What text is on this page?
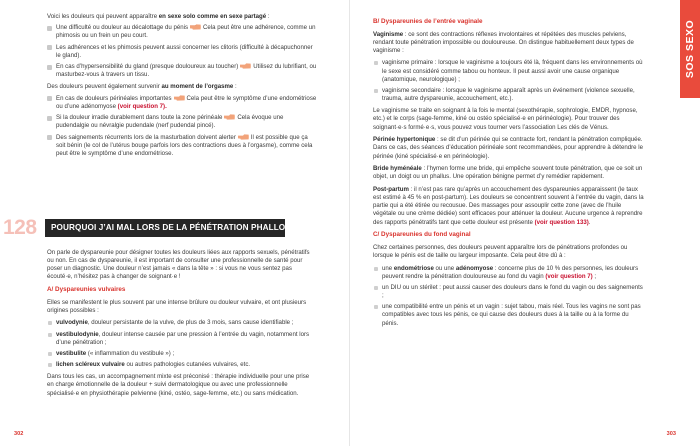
Voici les douleurs qui peuvent apparaître en sexe solo comme en sexe partagé :

Une difficulté ou douleur au décalottage du pénis Cela peut être une adhérence, comme un phimosis ou un frein un peu court.
Les adhérences et les phimosis peuvent aussi concerner les clitoris (difficulté à décapuchonner le gland).
En cas d’hypersensibilité du gland (presque douloureux au toucher) Utilisez du lubrifiant, ou masturbez-vous à travers un tissu.

Des douleurs peuvent également survenir au moment de l’orgasme :

En cas de douleurs périnéales importantes Cela peut être le symptôme d’une endométriose ou d’une adénomyose (voir question 7).
Si la douleur irradie durablement dans toute la zone périnéale Cela évoque une pudendalgie ou névralgie pudendale (nerf pudendal pincé).
Des saignements récurrents lors de la masturbation doivent alerter Il est possible que ça soit bénin (le col de l’utérus bouge parfois lors des contractions dues à l’orgasme), comme cela peut être le symptôme d’une endométriose.
128 POURQUOI J’AI MAL LORS DE LA PÉNÉTRATION PHALLO-VAGINALE ?

On parle de dyspareunie pour désigner toutes les douleurs liées aux rapports sexuels, pénétratifs ou non. En cas de dyspareunie, il est important de consulter une professionnelle de santé pour poser un diagnostic. Une douleur n’est jamais « dans la tête » : si vous ne vous sentez pas écouté·e, n’hésitez pas à changer de soignant·e !

A/ Dyspareunies vulvaires

Elles se manifestent le plus souvent par une intense brûlure ou douleur vulvaire, et ont plusieurs origines possibles :

vulvodynie, douleur persistante de la vulve, de plus de 3 mois, sans cause identifiable ;
vestibulodynie, douleur intense causée par une pression à l’entrée du vagin, notamment lors d’une pénétration ;
vestibulite (« inflammation du vestibule ») ;
lichen scléreux vulvaire ou autres pathologies cutanées vulvaires, etc.

Dans tous les cas, un accompagnement mixte est préconisé : thérapie individuelle pour une prise en charge émotionnelle de la douleur + suivi dermatologique ou avec une professionnelle spécialisé·e en physiothérapie pelvienne (kiné, ostéo, sage-femme, etc.) ou sans médication.

302
SOS SEXO
B/ Dyspareunies de l’entrée vaginale

Vaginisme : ce sont des contractions réflexes involontaires et répétées des muscles pelviens, rendant toute pénétration impossible ou douloureuse. On distingue habituellement deux types de vaginisme :

vaginisme primaire : lorsque le vaginisme a toujours été là, fréquent dans les environnements où le sexe est considéré comme tabou ou honteux. Il peut aussi avoir une cause organique (anatomique, neurologique) ;
vaginisme secondaire : lorsque le vaginisme apparaît après un événement (violence sexuelle, trauma, autre dyspareunie, accouchement, etc.).

Le vaginisme se traite en soignant à la fois le mental (sexothérapie, sophrologie, EMDR, hypnose, etc.) et le corps (sage-femme, kiné ou ostéo spécialisé·e en périnéologie). Pour trouver des soignant·e·s formé·e·s, vous pouvez vous tourner vers l’association Les clés de Vénus.

Périnée hypertonique : se dit d’un périnée qui se contracte fort, rendant la pénétration compliquée. Dans ce cas, des séances d’éducation périnéale sont recommandées, pour apprendre à détendre le périnée (kiné spécialisé·e en périnéologie).

Bride hyménéale : l’hymen forme une bride, qui empêche souvent toute pénétration, que ce soit un objet, un doigt ou un phallus. Une opération bénigne permet d’y remédier rapidement.

Post-partum : il n’est pas rare qu’après un accouchement des dyspareunies apparaissent (le taux est estimé à 45 % en post-partum). Les douleurs se concentrent souvent à l’entrée du vagin, dans la partie qui a été étirée ou recousue. Des massages pour assouplir cette zone (avec de l’huile végétale ou une crème dédiée) sont efficaces pour atténuer la douleur. Aucune urgence à reprendre des rapports pénétratifs tant que cette douleur est présente (voir question 133).

C/ Dyspareunies du fond vaginal

Chez certaines personnes, des douleurs peuvent apparaître lors de pénétrations profondes ou lorsque le pénis est de taille ou largeur imposante. Cela peut être dû à :

une endométriose ou une adénomyose : concerne plus de 10 % des personnes, les douleurs peuvent rendre la pénétration douloureuse au fond du vagin (voir question 7) ;
un DIU ou un stérilet : peut aussi causer des douleurs dans le fond du vagin ou des saignements ;
une compatibilité entre un pénis et un vagin : sujet tabou, mais réel. Tous les vagins ne sont pas compatibles avec tous les pénis, ce qui cause des douleurs dues à la taille ou à la forme du pénis.
303
